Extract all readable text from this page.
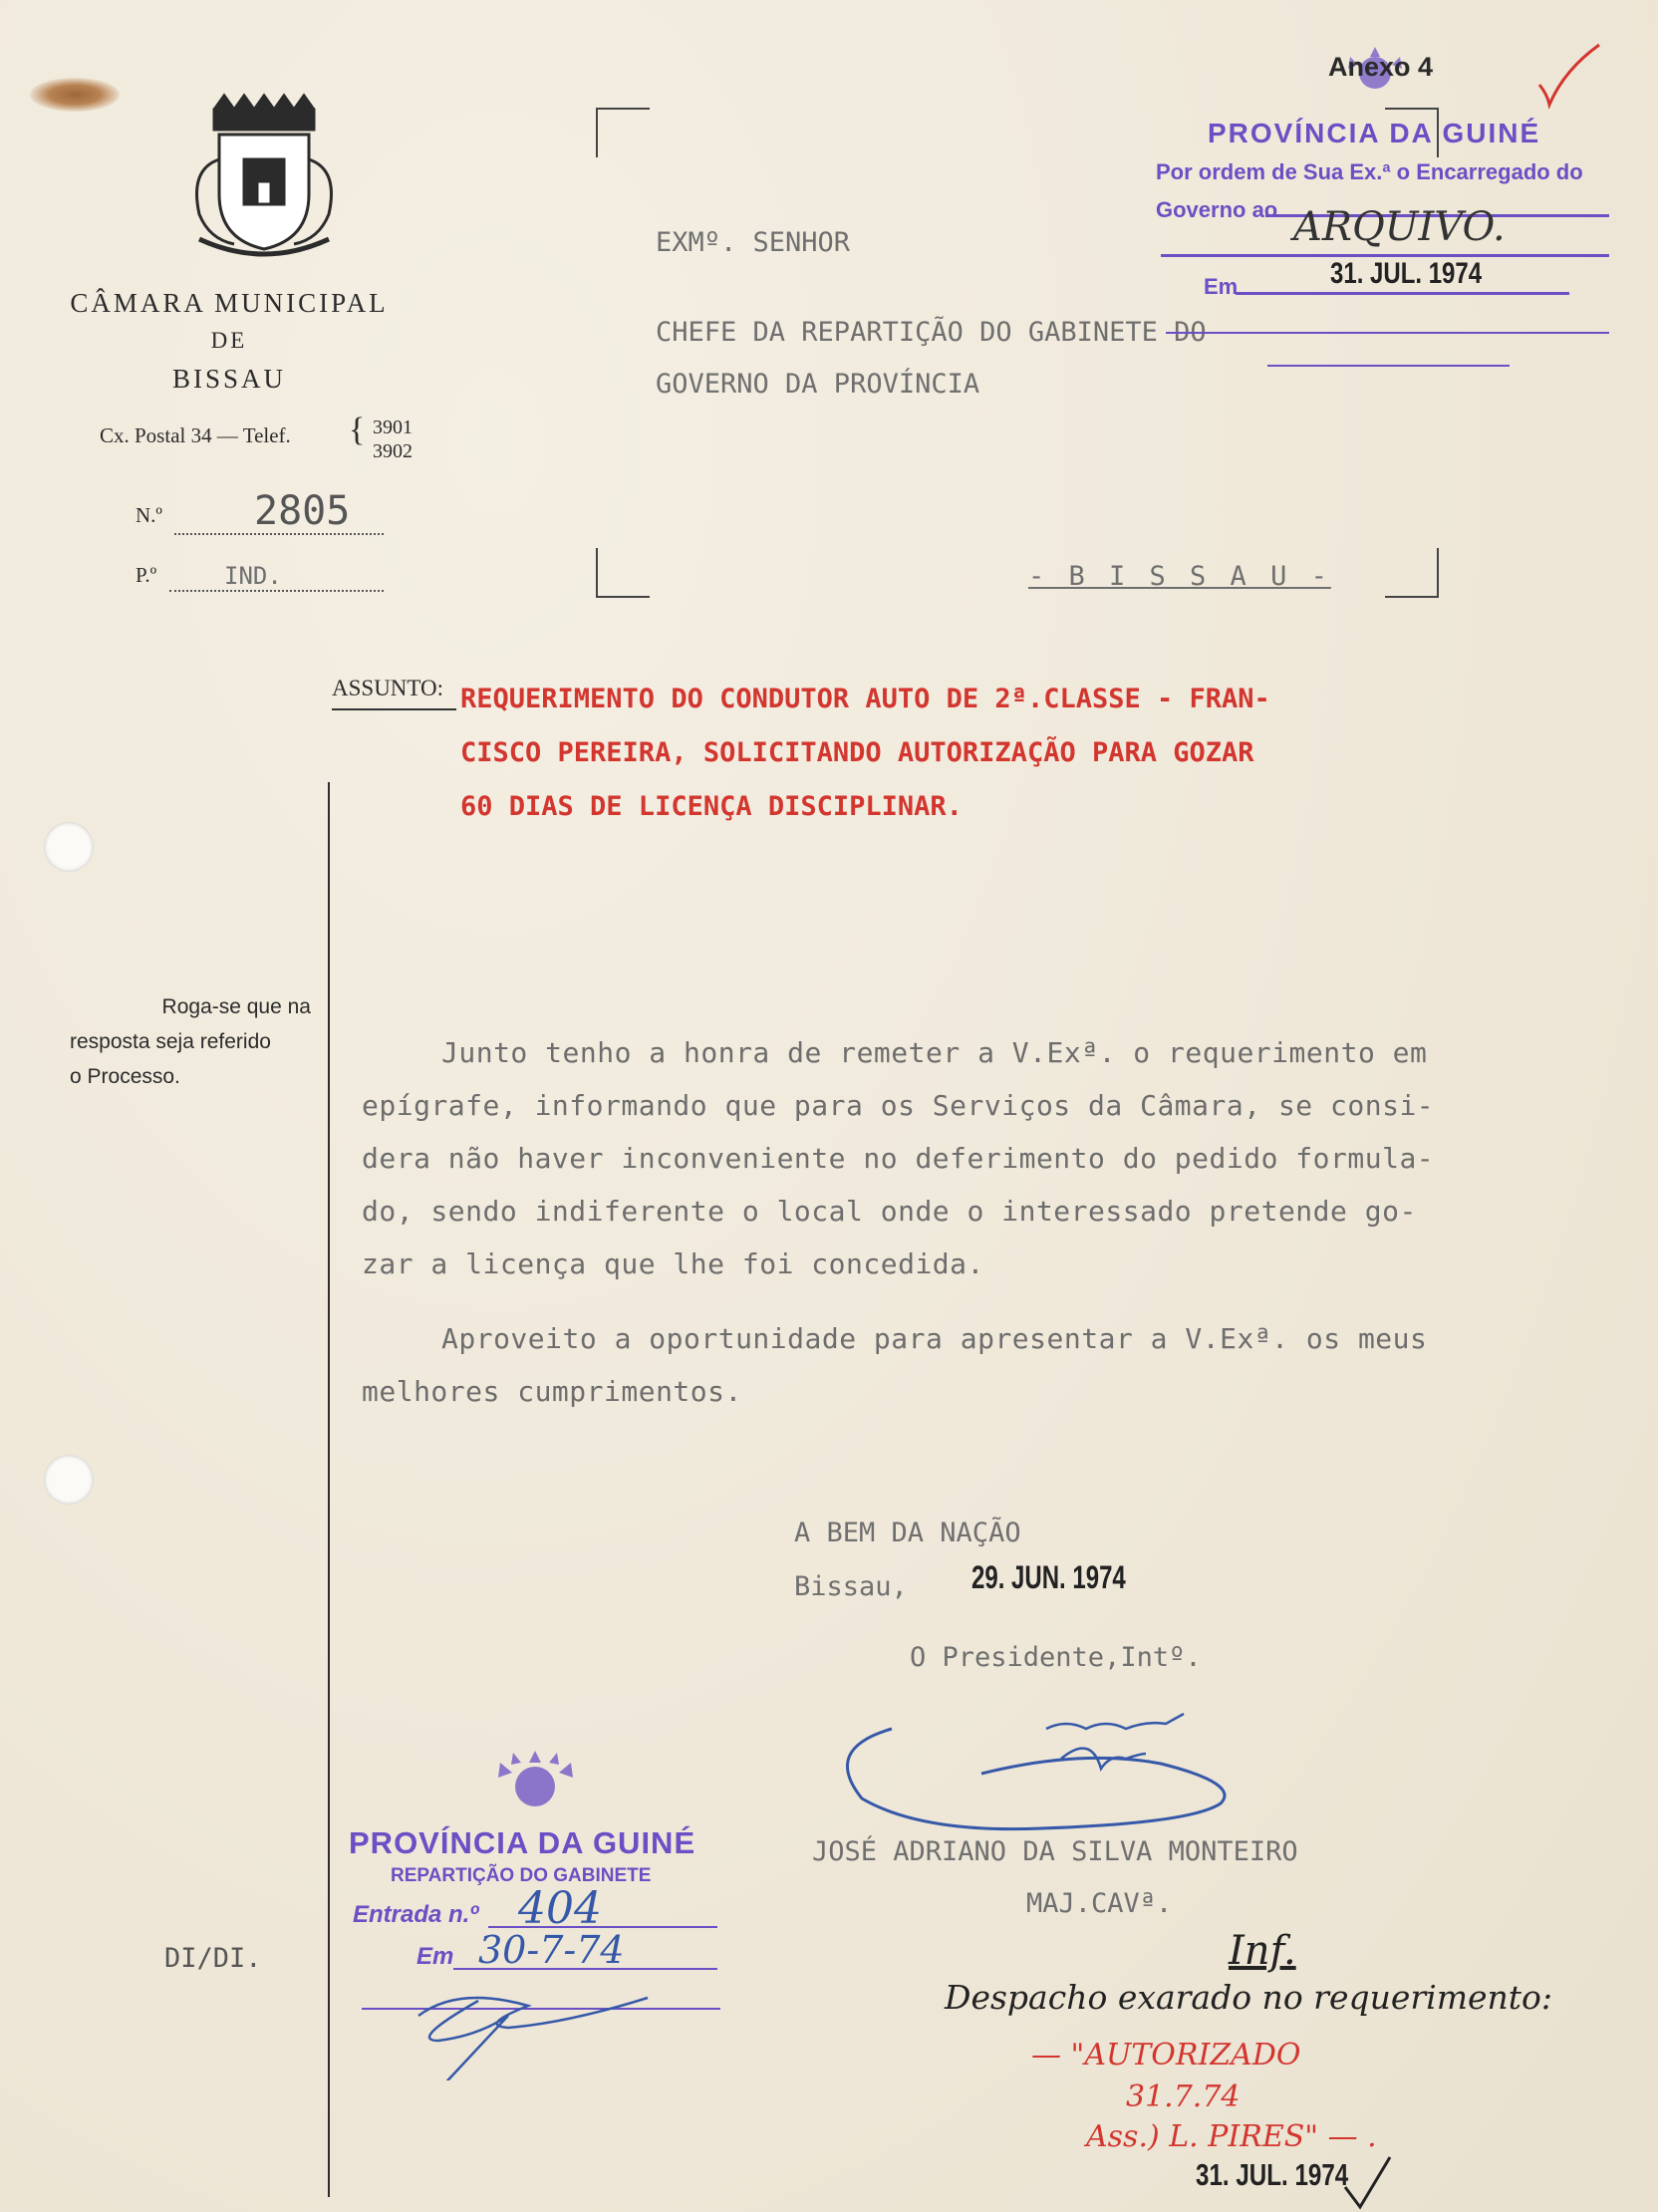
CÂMARA MUNICIPAL
DE
BISSAU
Cx. Postal 34 — Telef. { 3901
3902
N.º 2805
P.º	IND.
EXMº. SENHOR
CHEFE DA REPARTIÇÃO DO GABINETE DO
GOVERNO DA PROVÍNCIA
- B I S S A U -
Anexo 4
PROVÍNCIA DA GUINÉ
Por ordem de Sua Ex.ª o Encarregado do
Governo ao ARQUIVO.
Em	31. JUL. 1974
ASSUNTO: REQUERIMENTO DO CONDUTOR AUTO DE 2ª.CLASSE - FRAN-
CISCO PEREIRA, SOLICITANDO AUTORIZAÇÃO PARA GOZAR
60 DIAS DE LICENÇA DISCIPLINAR.
Roga-se que na
resposta seja referido
o Processo.
Junto tenho a honra de remeter a V.Exª. o requerimento em
epígrafe, informando que para os Serviços da Câmara, se consi-
dera não haver inconveniente no deferimento do pedido formula-
do, sendo indiferente o local onde o interessado pretende go-
zar a licença que lhe foi concedida.
Aproveito a oportunidade para apresentar a V.Exª. os meus
melhores cumprimentos.
A BEM DA NAÇÃO
Bissau, 29. JUN. 1974
O Presidente,Intº.
JOSÉ ADRIANO DA SILVA MONTEIRO
MAJ.CAVª.
DI/DI.
PROVÍNCIA DA GUINÉ
REPARTIÇÃO DO GABINETE
Entrada n.º 404
Em 30-7-74	Inf.
Despacho exarado no requerimento:
— "AUTORIZADO
31.7.74
Ass.) L. PIRES" — .
31. JUL. 1974
